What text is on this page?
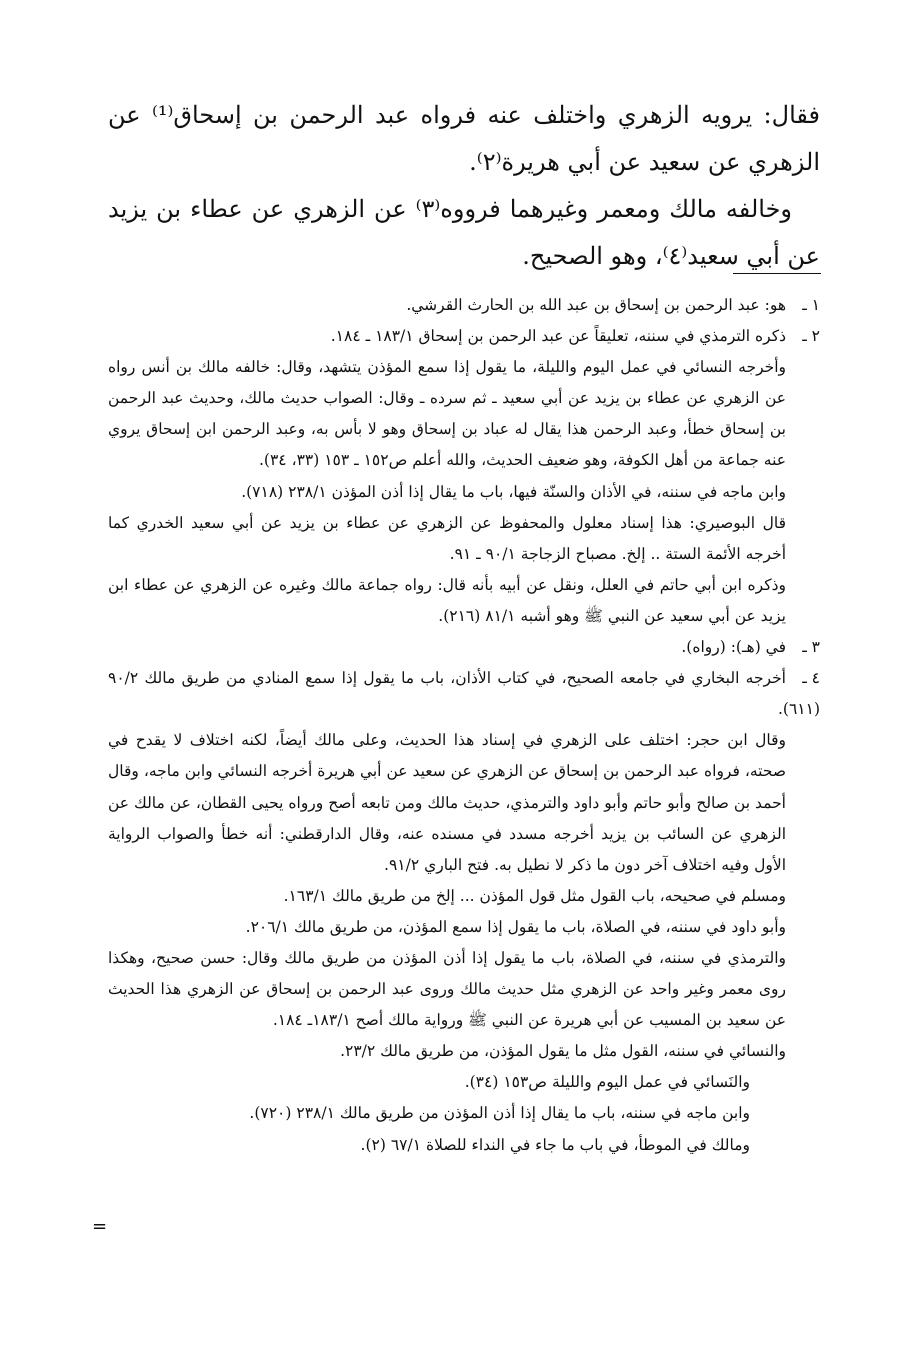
فقال: يرويه الزهري واختلف عنه فرواه عبد الرحمن بن إسحاق⁽¹⁾ عن الزهري عن سعيد عن أبي هريرة⁽٢⁾.

وخالفه مالك ومعمر وغيرهما فرووه⁽٣⁾ عن الزهري عن عطاء بن يزيد عن أبي سعيد⁽٤⁾، وهو الصحيح.

١ ـهو: عبد الرحمن بن إسحاق بن عبد الله بن الحارث القرشي.

٢ ـذكره الترمذي في سننه، تعليقاً عن عبد الرحمن بن إسحاق ١٨٣/١ ـ ١٨٤.

وأخرجه النسائي في عمل اليوم والليلة، ما يقول إذا سمع المؤذن يتشهد، وقال: خالفه مالك بن أنس رواه عن الزهري عن عطاء بن يزيد عن أبي سعيد ـ ثم سرده ـ وقال: الصواب حديث مالك، وحديث عبد الرحمن بن إسحاق خطأ، وعبد الرحمن هذا يقال له عباد بن إسحاق وهو لا بأس به، وعبد الرحمن ابن إسحاق يروي عنه جماعة من أهل الكوفة، وهو ضعيف الحديث، والله أعلم ص١٥٢ ـ ١٥٣ (٣٣، ٣٤).

وابن ماجه في سننه، في الأذان والسنّة فيها، باب ما يقال إذا أذن المؤذن ٢٣٨/١ (٧١٨).

قال البوصيري: هذا إسناد معلول والمحفوظ عن الزهري عن عطاء بن يزيد عن أبي سعيد الخدري كما أخرجه الأئمة الستة .. إلخ. مصباح الزجاجة ٩٠/١ ـ ٩١.

وذكره ابن أبي حاتم في العلل، ونقل عن أبيه بأنه قال: رواه جماعة مالك وغيره عن الزهري عن عطاء ابن يزيد عن أبي سعيد عن النبي ﷺ وهو أشبه ٨١/١ (٢١٦).

٣ ـفي (هـ): (رواه).

٤ ـأخرجه البخاري في جامعه الصحيح، في كتاب الأذان، باب ما يقول إذا سمع المنادي من طريق مالك ٩٠/٢ (٦١١).

وقال ابن حجر: اختلف على الزهري في إسناد هذا الحديث، وعلى مالك أيضاً، لكنه اختلاف لا يقدح في صحته، فرواه عبد الرحمن بن إسحاق عن الزهري عن سعيد عن أبي هريرة أخرجه النسائي وابن ماجه، وقال أحمد بن صالح وأبو حاتم وأبو داود والترمذي، حديث مالك ومن تابعه أصح ورواه يحيى القطان، عن مالك عن الزهري عن السائب بن يزيد أخرجه مسدد في مسنده عنه، وقال الدارقطني: أنه خطأ والصواب الرواية الأول وفيه اختلاف آخر دون ما ذكر لا نطيل به. فتح الباري ٩١/٢.

ومسلم في صحيحه، باب القول مثل قول المؤذن ... إلخ من طريق مالك ١٦٣/١.

وأبو داود في سننه، في الصلاة، باب ما يقول إذا سمع المؤذن، من طريق مالك ٢٠٦/١.

والترمذي في سننه، في الصلاة، باب ما يقول إذا أذن المؤذن من طريق مالك وقال: حسن صحيح، وهكذا روى معمر وغير واحد عن الزهري مثل حديث مالك وروى عبد الرحمن بن إسحاق عن الزهري هذا الحديث عن سعيد بن المسيب عن أبي هريرة عن النبي ﷺ ورواية مالك أصح ١٨٣/١ـ ١٨٤.

والنسائي في سننه، القول مثل ما يقول المؤذن، من طريق مالك ٢٣/٢.

والنَسائي في عمل اليوم والليلة ص١٥٣ (٣٤).

وابن ماجه في سننه، باب ما يقال إذا أذن المؤذن من طريق مالك ٢٣٨/١ (٧٢٠).

ومالك في الموطأ، في باب ما جاء في النداء للصلاة ٦٧/١ (٢).

=
